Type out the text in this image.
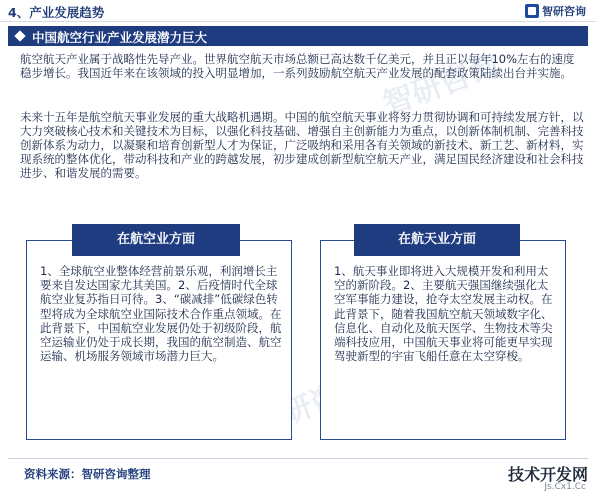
4、产业发展趋势	智研咨询
智研咨询
智研咨询
中国航空行业产业发展潜力巨大

航空航天产业属于战略性先导产业。世界航空航天市场总额已高达数千亿美元，并且正以每年10%左右的速度稳步增长。我国近年来在该领域的投入明显增加，一系列鼓励航空航天产业发展的配套政策陆续出台并实施。

未来十五年是航空航天事业发展的重大战略机遇期。中国的航空航天事业将努力贯彻协调和可持续发展方针，以大力突破核心技术和关键技术为目标，以强化科技基础、增强自主创新能力为重点，以创新体制机制、完善科技创新体系为动力，以凝聚和培育创新型人才为保证，广泛吸纳和采用各有关领域的新技术、新工艺、新材料，实现系统的整体优化，带动科技和产业的跨越发展，初步建成创新型航空航天产业，满足国民经济建设和社会科技进步、和谐发展的需要。

在航空业方面

1、全球航空业整体经营前景乐观，利润增长主要来自发达国家尤其美国。2、后疫情时代全球航空业复苏指日可待。3、“碳减排”低碳绿色转型将成为全球航空业国际技术合作重点领域。在此背景下，中国航空业发展仍处于初级阶段，航空运输业仍处于成长期，我国的航空制造、航空运输、机场服务领域市场潜力巨大。

在航天业方面

1、航天事业即将进入大规模开发和利用太空的新阶段。2、主要航天强国继续强化太空军事能力建设，抢夺太空发展主动权。在此背景下，随着我国航空航天领域数字化、信息化、自动化及航天医学、生物技术等尖端科技应用，中国航天事业将可能更早实现驾驶新型的宇宙飞船任意在太空穿梭。

资料来源：智研咨询整理	技术开发网
Js.Cx1.Cc
